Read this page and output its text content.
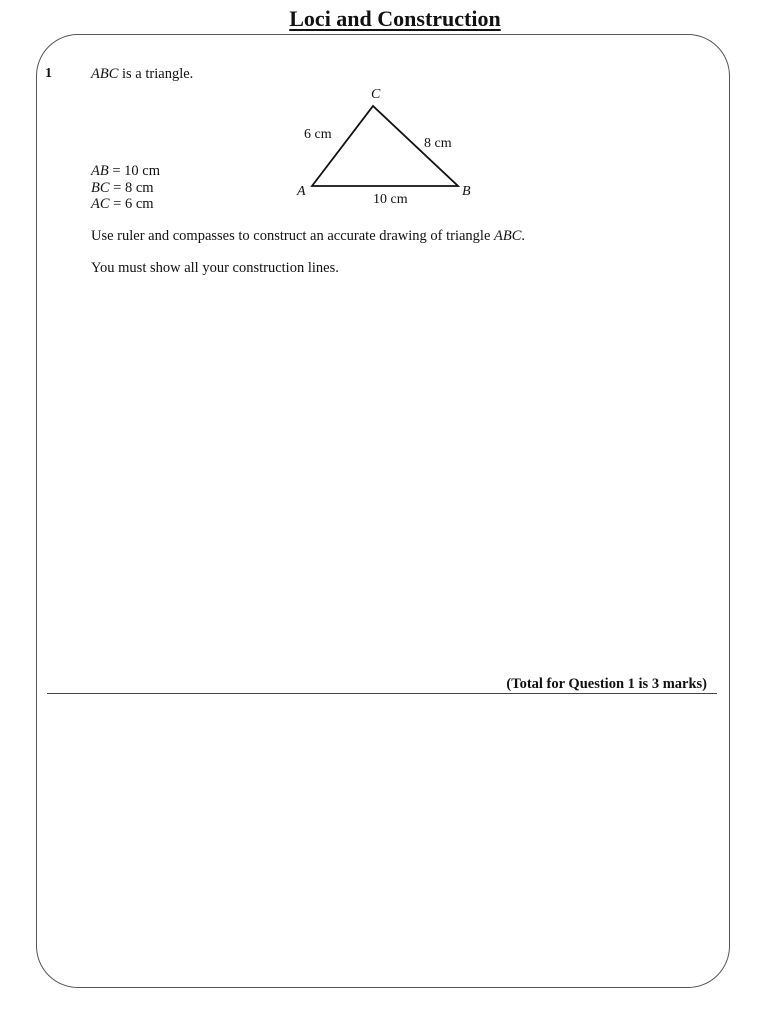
Loci and Construction
1	ABC is a triangle.
AB = 10 cm
BC = 8 cm
AC = 6 cm
C
A	B
6 cm
8 cm
10 cm
Use ruler and compasses to construct an accurate drawing of triangle ABC.
You must show all your construction lines.
(Total for Question 1 is 3 marks)
